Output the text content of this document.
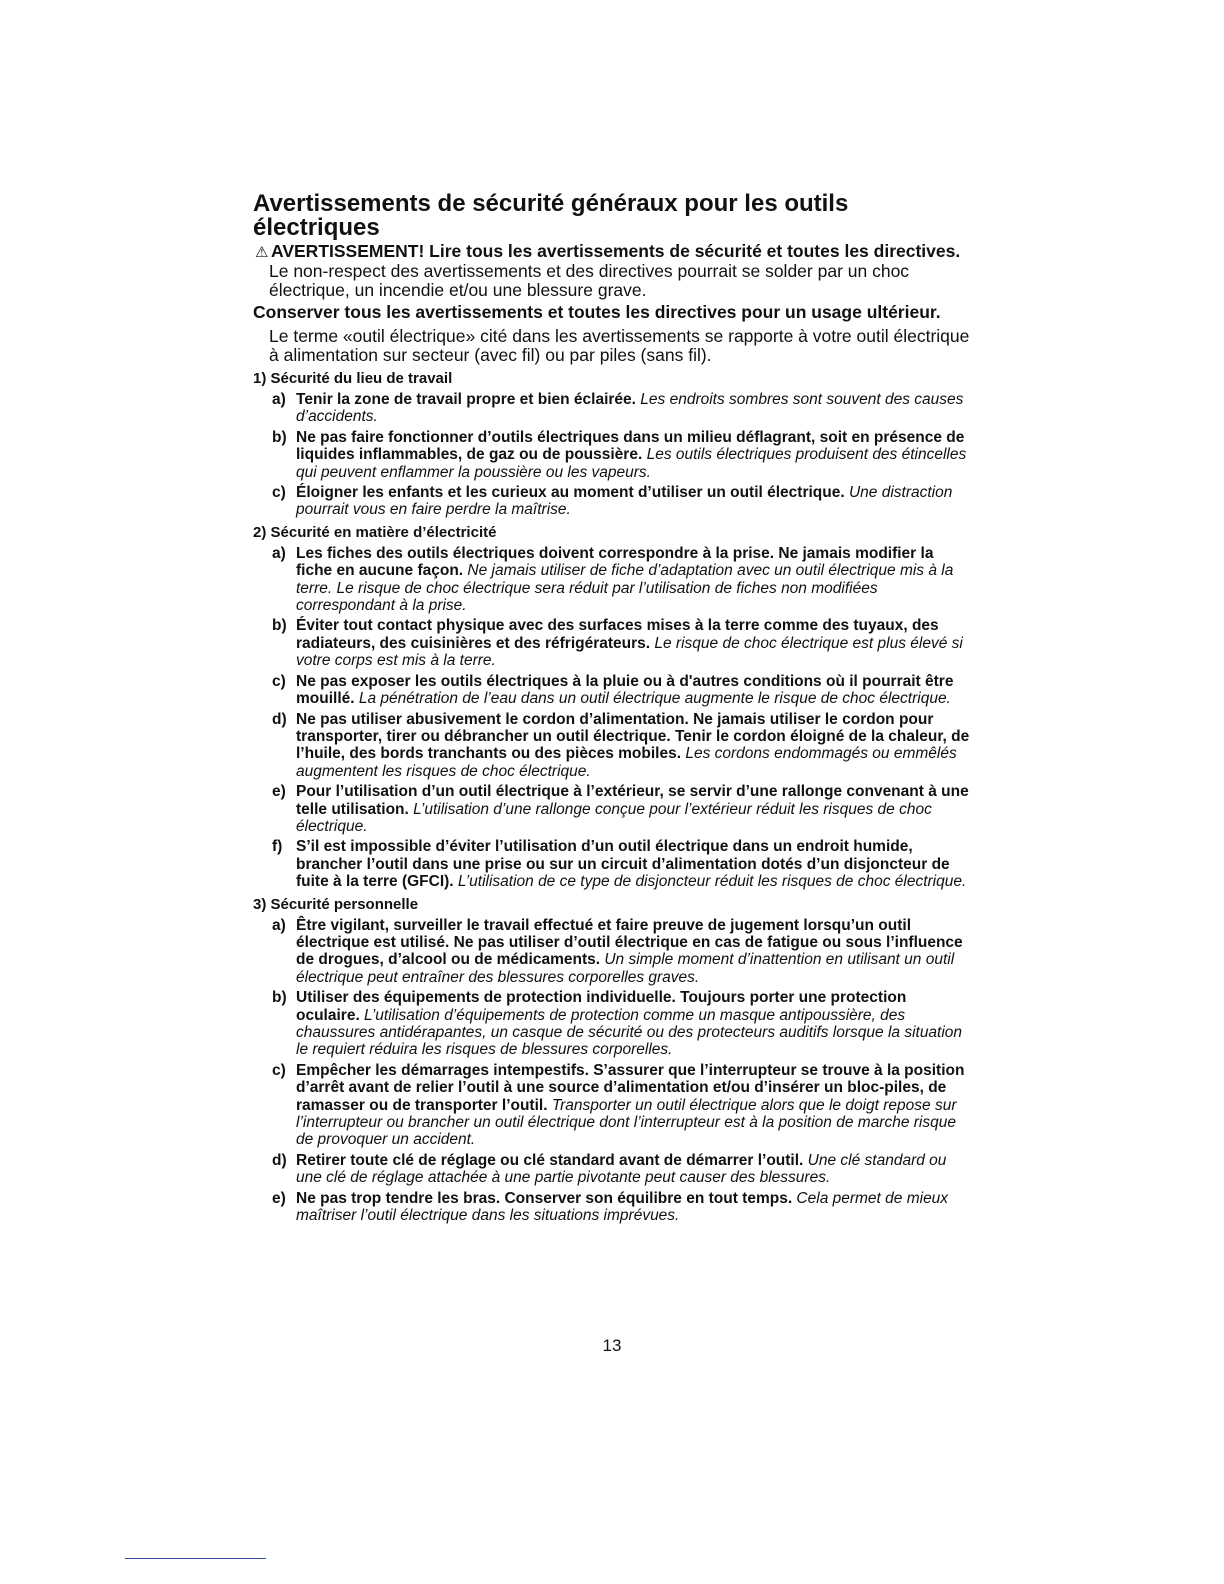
Avertissements de sécurité généraux pour les outils électriques
⚠ AVERTISSEMENT! Lire tous les avertissements de sécurité et toutes les directives. Le non-respect des avertissements et des directives pourrait se solder par un choc électrique, un incendie et/ou une blessure grave.
Conserver tous les avertissements et toutes les directives pour un usage ultérieur.
Le terme «outil électrique» cité dans les avertissements se rapporte à votre outil électrique à alimentation sur secteur (avec fil) ou par piles (sans fil).
1) Sécurité du lieu de travail
a) Tenir la zone de travail propre et bien éclairée. Les endroits sombres sont souvent des causes d’accidents.
b) Ne pas faire fonctionner d’outils électriques dans un milieu déflagrant, soit en présence de liquides inflammables, de gaz ou de poussière. Les outils électriques produisent des étincelles qui peuvent enflammer la poussière ou les vapeurs.
c) Éloigner les enfants et les curieux au moment d’utiliser un outil électrique. Une distraction pourrait vous en faire perdre la maîtrise.
2) Sécurité en matière d’électricité
a) Les fiches des outils électriques doivent correspondre à la prise. Ne jamais modifier la fiche en aucune façon. Ne jamais utiliser de fiche d’adaptation avec un outil électrique mis à la terre. Le risque de choc électrique sera réduit par l’utilisation de fiches non modifiées correspondant à la prise.
b) Éviter tout contact physique avec des surfaces mises à la terre comme des tuyaux, des radiateurs, des cuisinières et des réfrigérateurs. Le risque de choc électrique est plus élevé si votre corps est mis à la terre.
c) Ne pas exposer les outils électriques à la pluie ou à d'autres conditions où il pourrait être mouillé. La pénétration de l’eau dans un outil électrique augmente le risque de choc électrique.
d) Ne pas utiliser abusivement le cordon d’alimentation. Ne jamais utiliser le cordon pour transporter, tirer ou débrancher un outil électrique. Tenir le cordon éloigné de la chaleur, de l’huile, des bords tranchants ou des pièces mobiles. Les cordons endommagés ou emmêlés augmentent les risques de choc électrique.
e) Pour l’utilisation d’un outil électrique à l’extérieur, se servir d’une rallonge convenant à une telle utilisation. L’utilisation d’une rallonge conçue pour l’extérieur réduit les risques de choc électrique.
f) S’il est impossible d’éviter l’utilisation d’un outil électrique dans un endroit humide, brancher l’outil dans une prise ou sur un circuit d’alimentation dotés d’un disjoncteur de fuite à la terre (GFCI). L’utilisation de ce type de disjoncteur réduit les risques de choc électrique.
3) Sécurité personnelle
a) Être vigilant, surveiller le travail effectué et faire preuve de jugement lorsqu’un outil électrique est utilisé. Ne pas utiliser d’outil électrique en cas de fatigue ou sous l’influence de drogues, d’alcool ou de médicaments. Un simple moment d’inattention en utilisant un outil électrique peut entraîner des blessures corporelles graves.
b) Utiliser des équipements de protection individuelle. Toujours porter une protection oculaire. L’utilisation d’équipements de protection comme un masque antipoussière, des chaussures antidérapantes, un casque de sécurité ou des protecteurs auditifs lorsque la situation le requiert réduira les risques de blessures corporelles.
c) Empêcher les démarrages intempestifs. S’assurer que l’interrupteur se trouve à la position d’arrêt avant de relier l’outil à une source d’alimentation et/ou d’insérer un bloc-piles, de ramasser ou de transporter l’outil. Transporter un outil électrique alors que le doigt repose sur l’interrupteur ou brancher un outil électrique dont l’interrupteur est à la position de marche risque de provoquer un accident.
d) Retirer toute clé de réglage ou clé standard avant de démarrer l’outil. Une clé standard ou une clé de réglage attachée à une partie pivotante peut causer des blessures.
e) Ne pas trop tendre les bras. Conserver son équilibre en tout temps. Cela permet de mieux maîtriser l’outil électrique dans les situations imprévues.
13
